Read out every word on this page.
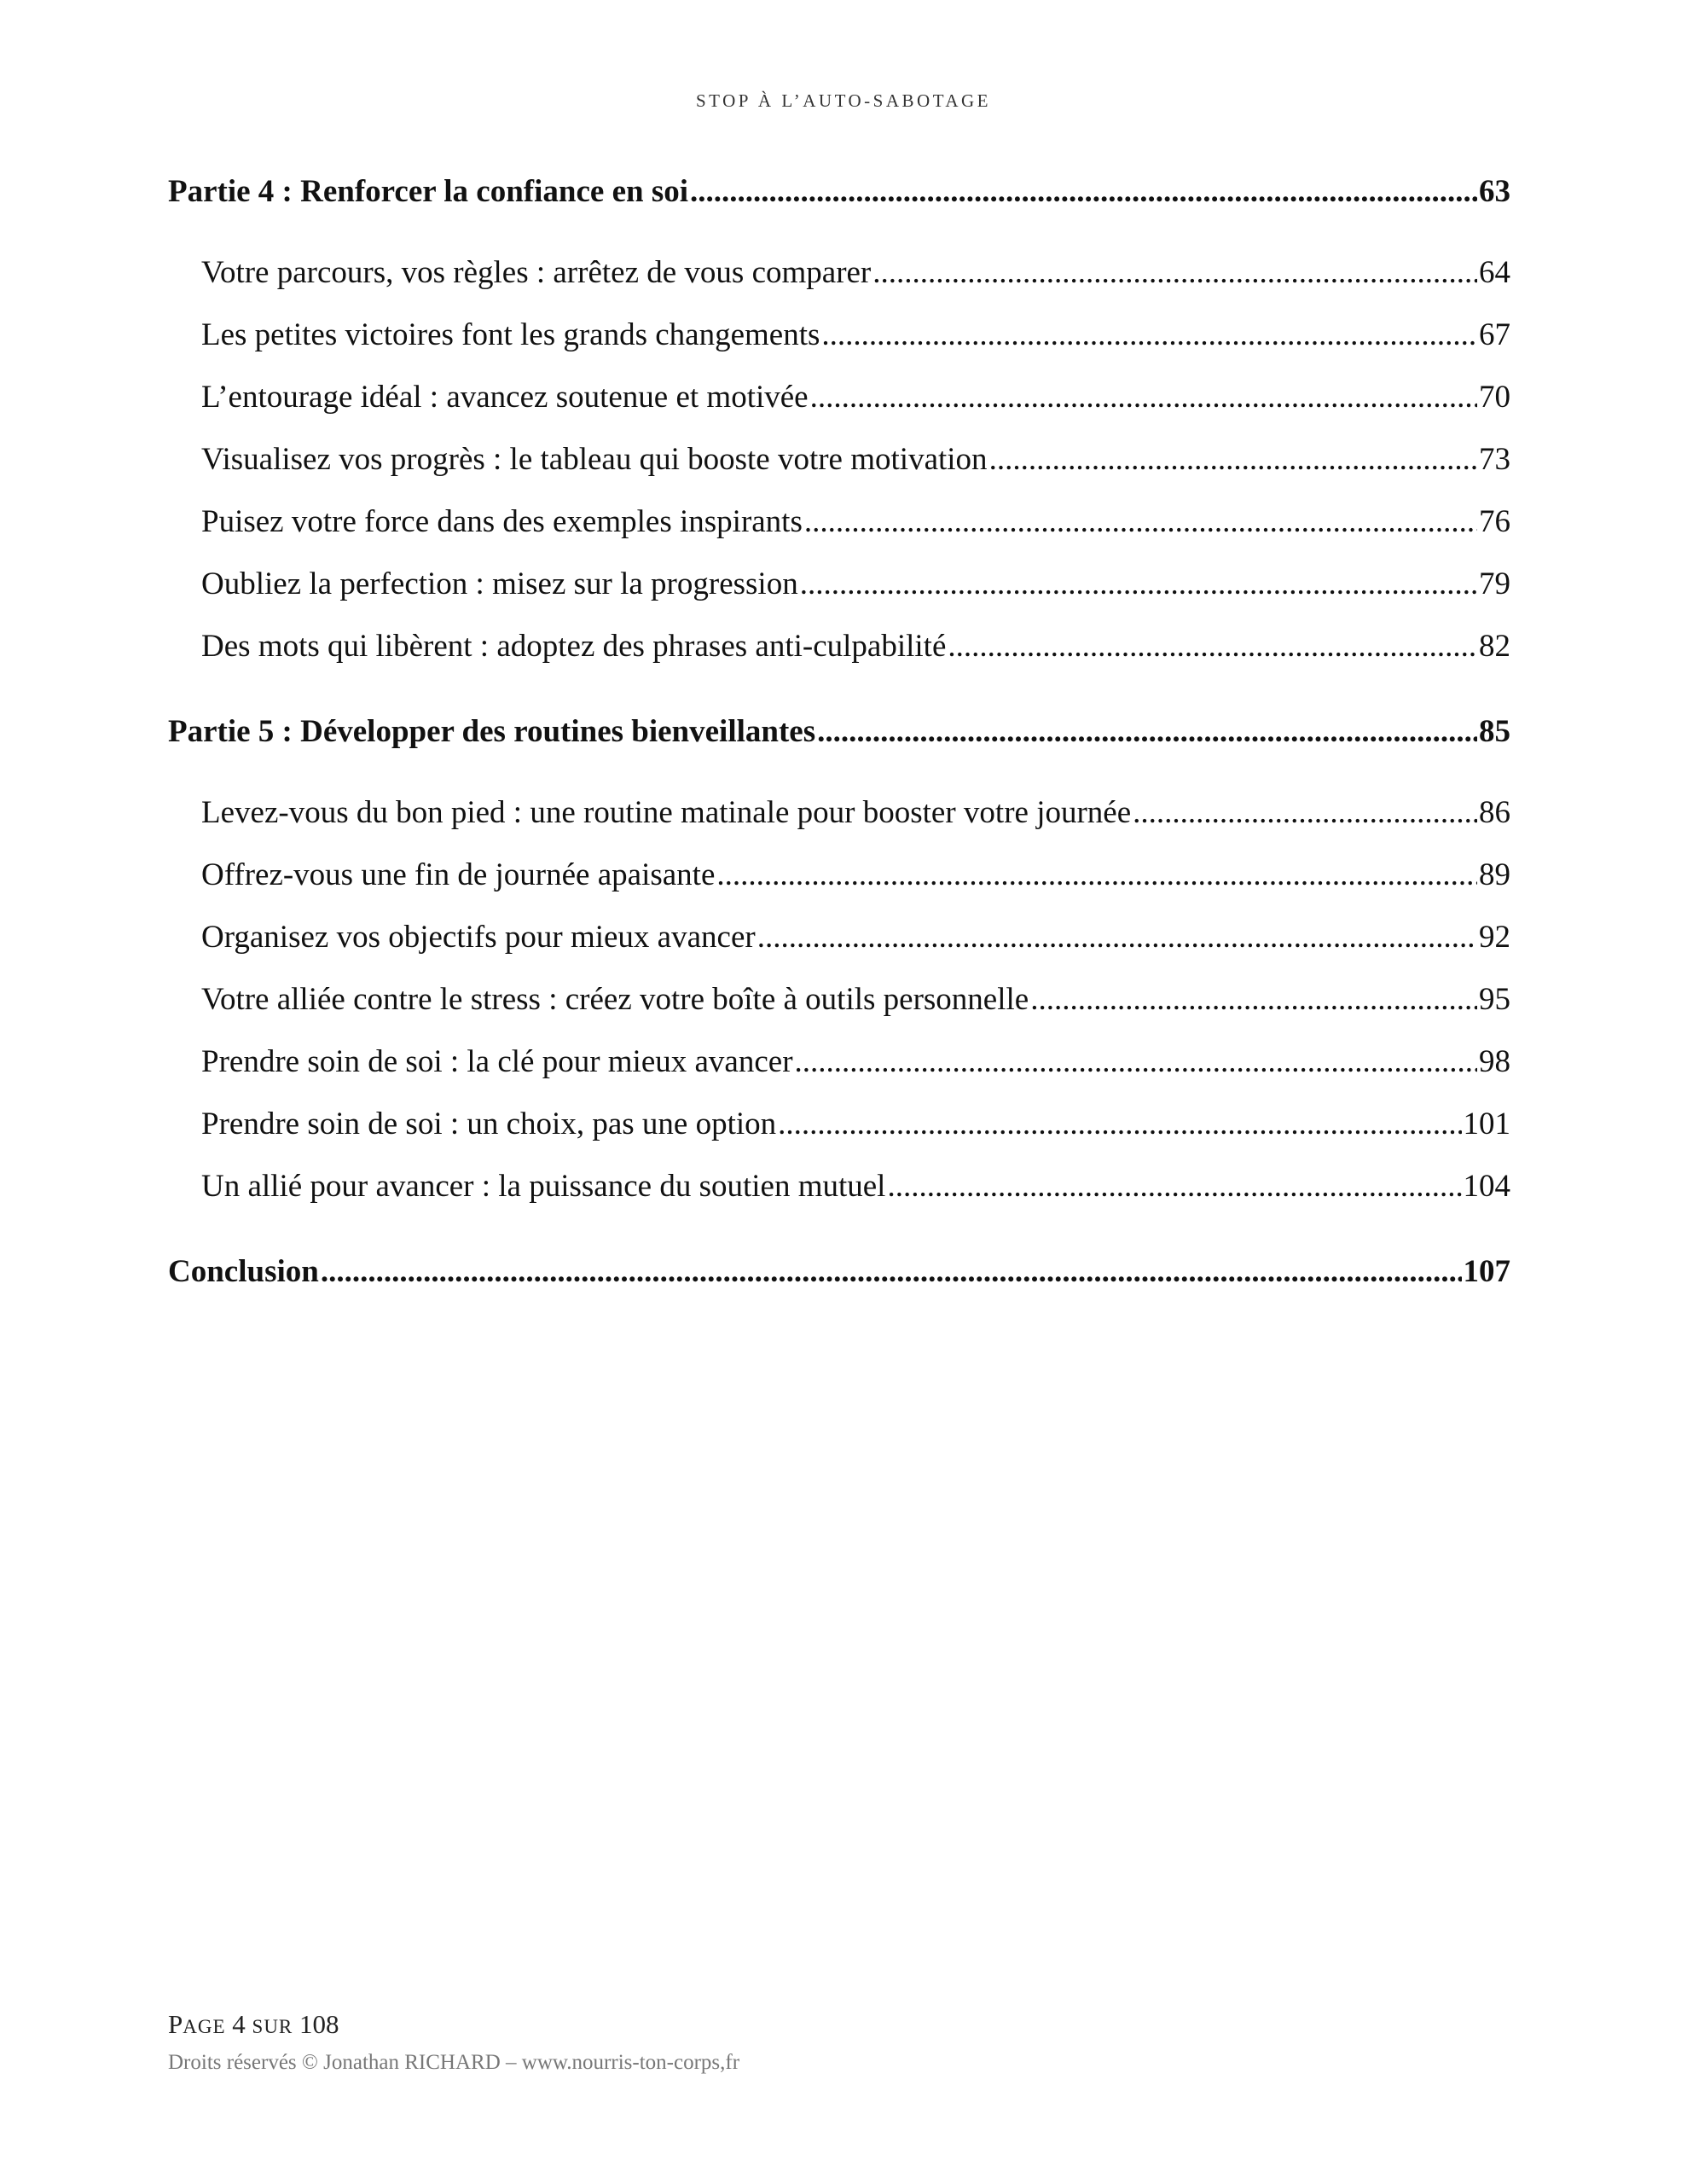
STOP À L’AUTO-SABOTAGE
Partie 4 : Renforcer la confiance en soi .....	63
Votre parcours, vos règles : arrêtez de vous comparer .....	64
Les petites victoires font les grands changements .....	67
L’entourage idéal : avancez soutenue et motivée .....	70
Visualisez vos progrès : le tableau qui booste votre motivation .....	73
Puisez votre force dans des exemples inspirants .....	76
Oubliez la perfection : misez sur la progression .....	79
Des mots qui libèrent : adoptez des phrases anti-culpabilité .....	82
Partie 5 : Développer des routines bienveillantes .....	85
Levez-vous du bon pied : une routine matinale pour booster votre journée .....	86
Offrez-vous une fin de journée apaisante .....	89
Organisez vos objectifs pour mieux avancer .....	92
Votre alliée contre le stress : créez votre boîte à outils personnelle .....	95
Prendre soin de soi : la clé pour mieux avancer .....	98
Prendre soin de soi : un choix, pas une option .....	101
Un allié pour avancer : la puissance du soutien mutuel .....	104
Conclusion .....	107
PAGE 4 SUR 108
Droits réservés © Jonathan RICHARD – www.nourris-ton-corps,fr
